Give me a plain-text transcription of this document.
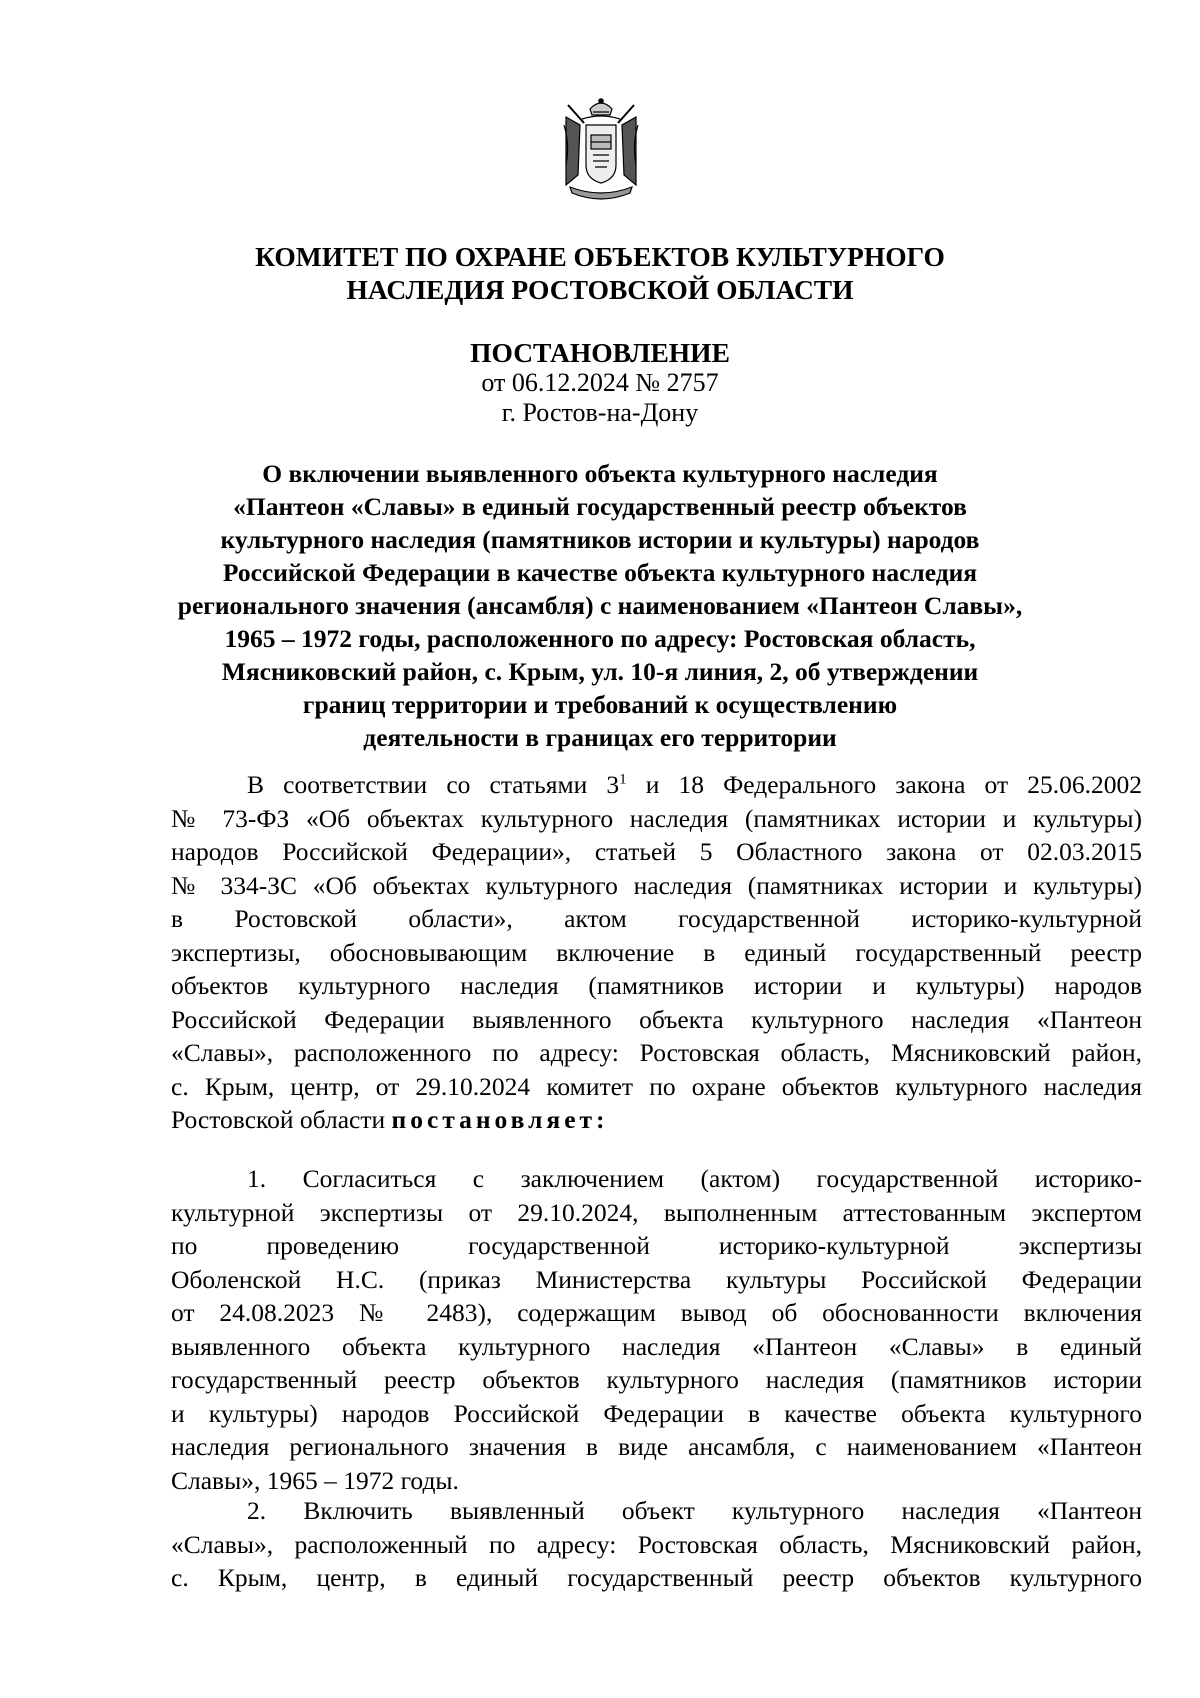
КОМИТЕТ ПО ОХРАНЕ ОБЪЕКТОВ КУЛЬТУРНОГО
НАСЛЕДИЯ РОСТОВСКОЙ ОБЛАСТИ
ПОСТАНОВЛЕНИЕ
от 06.12.2024 № 2757
г. Ростов-на-Дону
О включении выявленного объекта культурного наследия
«Пантеон «Славы» в единый государственный реестр объектов
культурного наследия (памятников истории и культуры) народов
Российской Федерации в качестве объекта культурного наследия
регионального значения (ансамбля) с наименованием «Пантеон Славы»,
1965 – 1972 годы, расположенного по адресу: Ростовская область,
Мясниковский район, с. Крым, ул. 10-я линия, 2, об утверждении
границ территории и требований к осуществлению
деятельности в границах его территории
В соответствии со статьями $3^1$ и 18 Федерального закона от 25.06.2002
№ 73-ФЗ «Об объектах культурного наследия (памятниках истории и культуры)
народов Российской Федерации», статьей 5 Областного закона от 02.03.2015
№ 334-ЗС «Об объектах культурного наследия (памятниках истории и культуры)
в Ростовской области», актом государственной историко-культурной
экспертизы, обосновывающим включение в единый государственный реестр
объектов культурного наследия (памятников истории и культуры) народов
Российской Федерации выявленного объекта культурного наследия «Пантеон
«Славы», расположенного по адресу: Ростовская область, Мясниковский район,
с. Крым, центр, от 29.10.2024 комитет по охране объектов культурного наследия
Ростовской области постановляет:
1. Согласиться с заключением (актом) государственной историко-
культурной экспертизы от 29.10.2024, выполненным аттестованным экспертом
по проведению государственной историко-культурной экспертизы
Оболенской Н.С. (приказ Министерства культуры Российской Федерации
от 24.08.2023 № 2483), содержащим вывод об обоснованности включения
выявленного объекта культурного наследия «Пантеон «Славы» в единый
государственный реестр объектов культурного наследия (памятников истории
и культуры) народов Российской Федерации в качестве объекта культурного
наследия регионального значения в виде ансамбля, с наименованием «Пантеон
Славы», 1965 – 1972 годы.
2. Включить выявленный объект культурного наследия «Пантеон
«Славы», расположенный по адресу: Ростовская область, Мясниковский район,
с. Крым, центр, в единый государственный реестр объектов культурного
